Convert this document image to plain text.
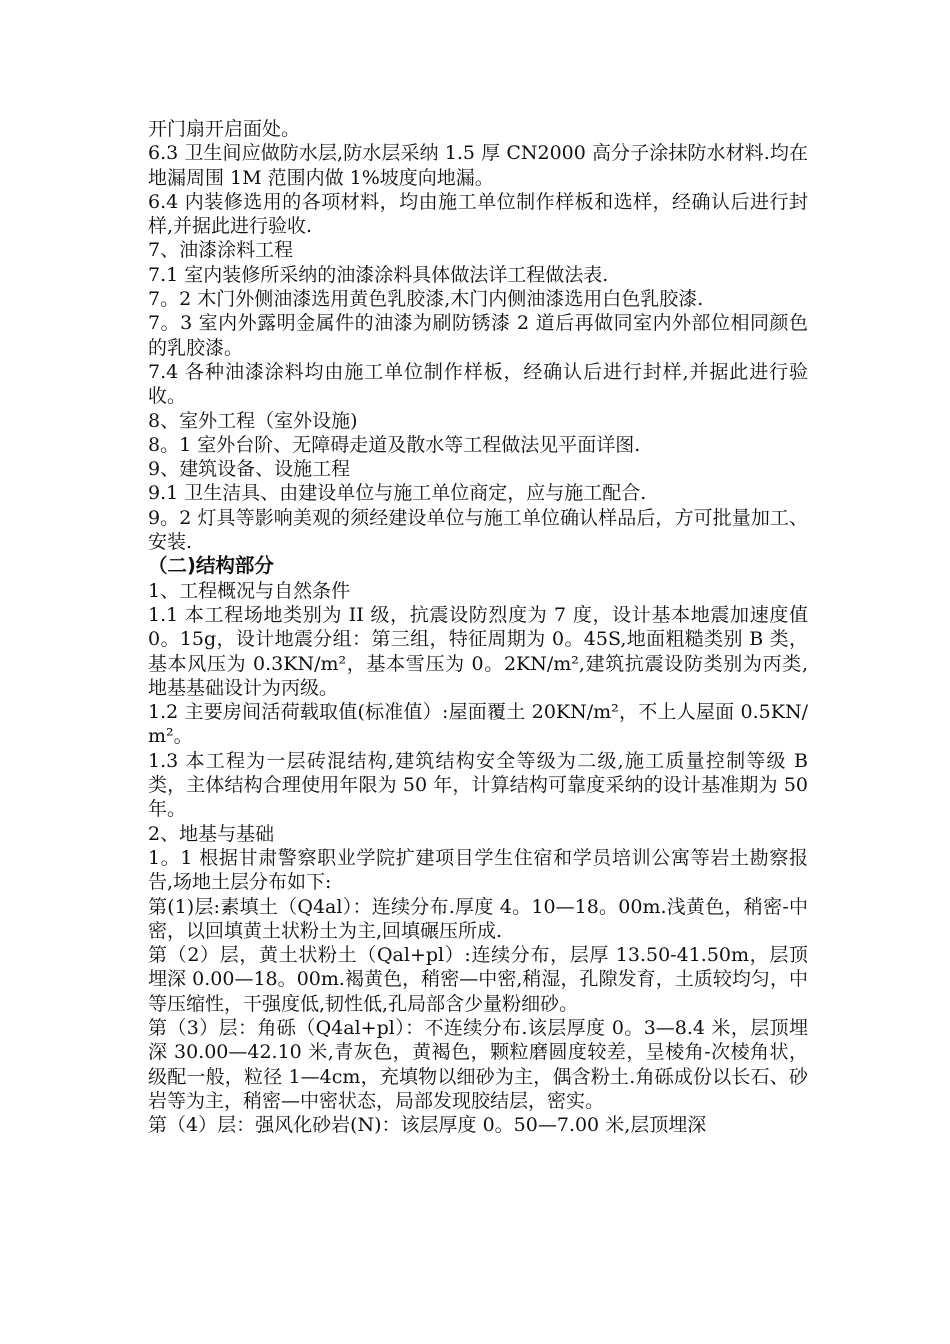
开门扇开启面处。

6.3 卫生间应做防水层,防水层采纳 1.5 厚 CN2000 高分子涂抹防水材料.均在地漏周围 1M 范围内做 1%坡度向地漏。

6.4 内装修选用的各项材料，均由施工单位制作样板和选样，经确认后进行封样,并据此进行验收.

7、油漆涂料工程

7.1 室内装修所采纳的油漆涂料具体做法详工程做法表.

7。2 木门外侧油漆选用黄色乳胶漆,木门内侧油漆选用白色乳胶漆.

7。3 室内外露明金属件的油漆为刷防锈漆 2 道后再做同室内外部位相同颜色的乳胶漆。

7.4 各种油漆涂料均由施工单位制作样板，经确认后进行封样,并据此进行验收。

8、室外工程（室外设施)

8。1 室外台阶、无障碍走道及散水等工程做法见平面详图.

9、建筑设备、设施工程

9.1 卫生洁具、由建设单位与施工单位商定，应与施工配合.

9。2 灯具等影响美观的须经建设单位与施工单位确认样品后，方可批量加工、安装.

（二)结构部分

1、工程概况与自然条件

1.1 本工程场地类别为 II 级，抗震设防烈度为 7 度，设计基本地震加速度值 0。15g，设计地震分组：第三组，特征周期为 0。45S,地面粗糙类别 B 类，基本风压为 0.3KN/m²，基本雪压为 0。2KN/m²,建筑抗震设防类别为丙类,地基基础设计为丙级。

1.2 主要房间活荷载取值(标准值）:屋面覆土 20KN/m²，不上人屋面 0.5KN/m²。

1.3 本工程为一层砖混结构,建筑结构安全等级为二级,施工质量控制等级 B 类，主体结构合理使用年限为 50 年，计算结构可靠度采纳的设计基准期为 50 年。

2、地基与基础

1。1 根据甘肃警察职业学院扩建项目学生住宿和学员培训公寓等岩土勘察报告,场地土层分布如下:

第(1)层:素填土（Q4al）：连续分布.厚度 4。10—18。00m.浅黄色，稍密-中密，以回填黄土状粉土为主,回填碾压所成.

第（2）层，黄土状粉土（Qal+pl）:连续分布，层厚 13.50-41.50m，层顶埋深 0.00—18。00m.褐黄色，稍密—中密,稍湿，孔隙发育，土质较均匀，中等压缩性，干强度低,韧性低,孔局部含少量粉细砂。

第（3）层：角砾（Q4al+pl）：不连续分布.该层厚度 0。3—8.4 米，层顶埋深 30.00—42.10 米,青灰色，黄褐色，颗粒磨圆度较差，呈棱角-次棱角状，级配一般，粒径 1—4cm，充填物以细砂为主，偶含粉土.角砾成份以长石、砂岩等为主，稍密—中密状态，局部发现胶结层，密实。

第（4）层：强风化砂岩(N)：该层厚度 0。50—7.00 米,层顶埋深
